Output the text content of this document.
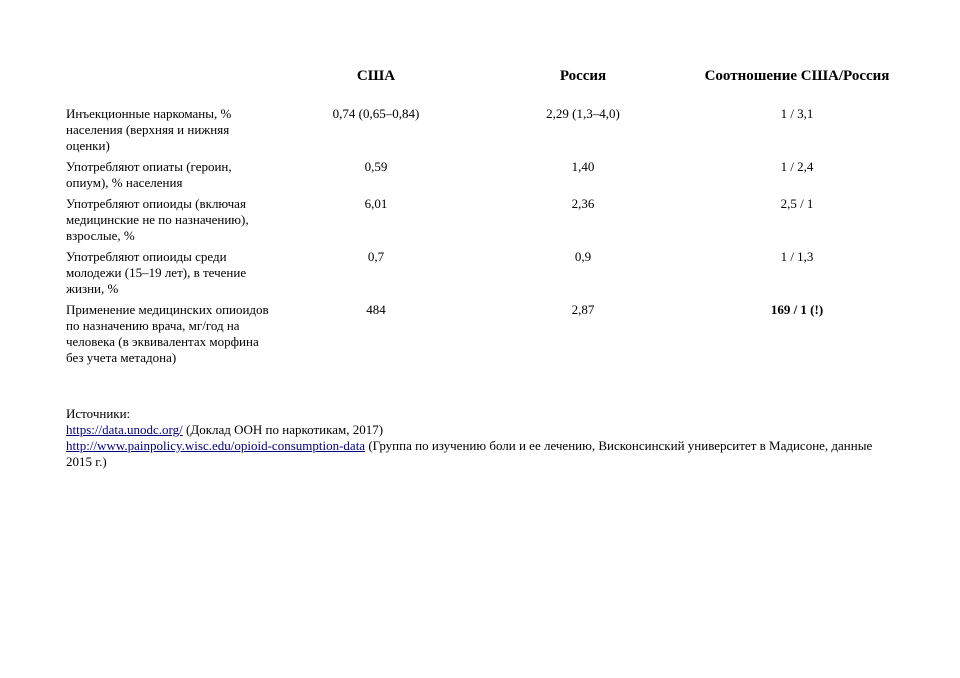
	США	Россия	Соотношение США/Россия
Инъекционные наркоманы, % населения (верхняя и нижняя оценки)	0,74 (0,65–0,84)	2,29 (1,3–4,0)	1 / 3,1
Употребляют опиаты (героин, опиум), % населения	0,59	1,40	1 / 2,4
Употребляют опиоиды (включая медицинские не по назначению), взрослые, %	6,01	2,36	2,5 / 1
Употребляют опиоиды среди молодежи (15–19 лет), в течение жизни, %	0,7	0,9	1 / 1,3
Применение медицинских опиоидов по назначению врача, мг/год на человека (в эквивалентах морфина без учета метадона)	484	2,87	169 / 1 (!)
Источники:
https://data.unodc.org/ (Доклад ООН по наркотикам, 2017)
http://www.painpolicy.wisc.edu/opioid-consumption-data (Группа по изучению боли и ее лечению, Висконсинский университет в Мадисоне, данные 2015 г.)
